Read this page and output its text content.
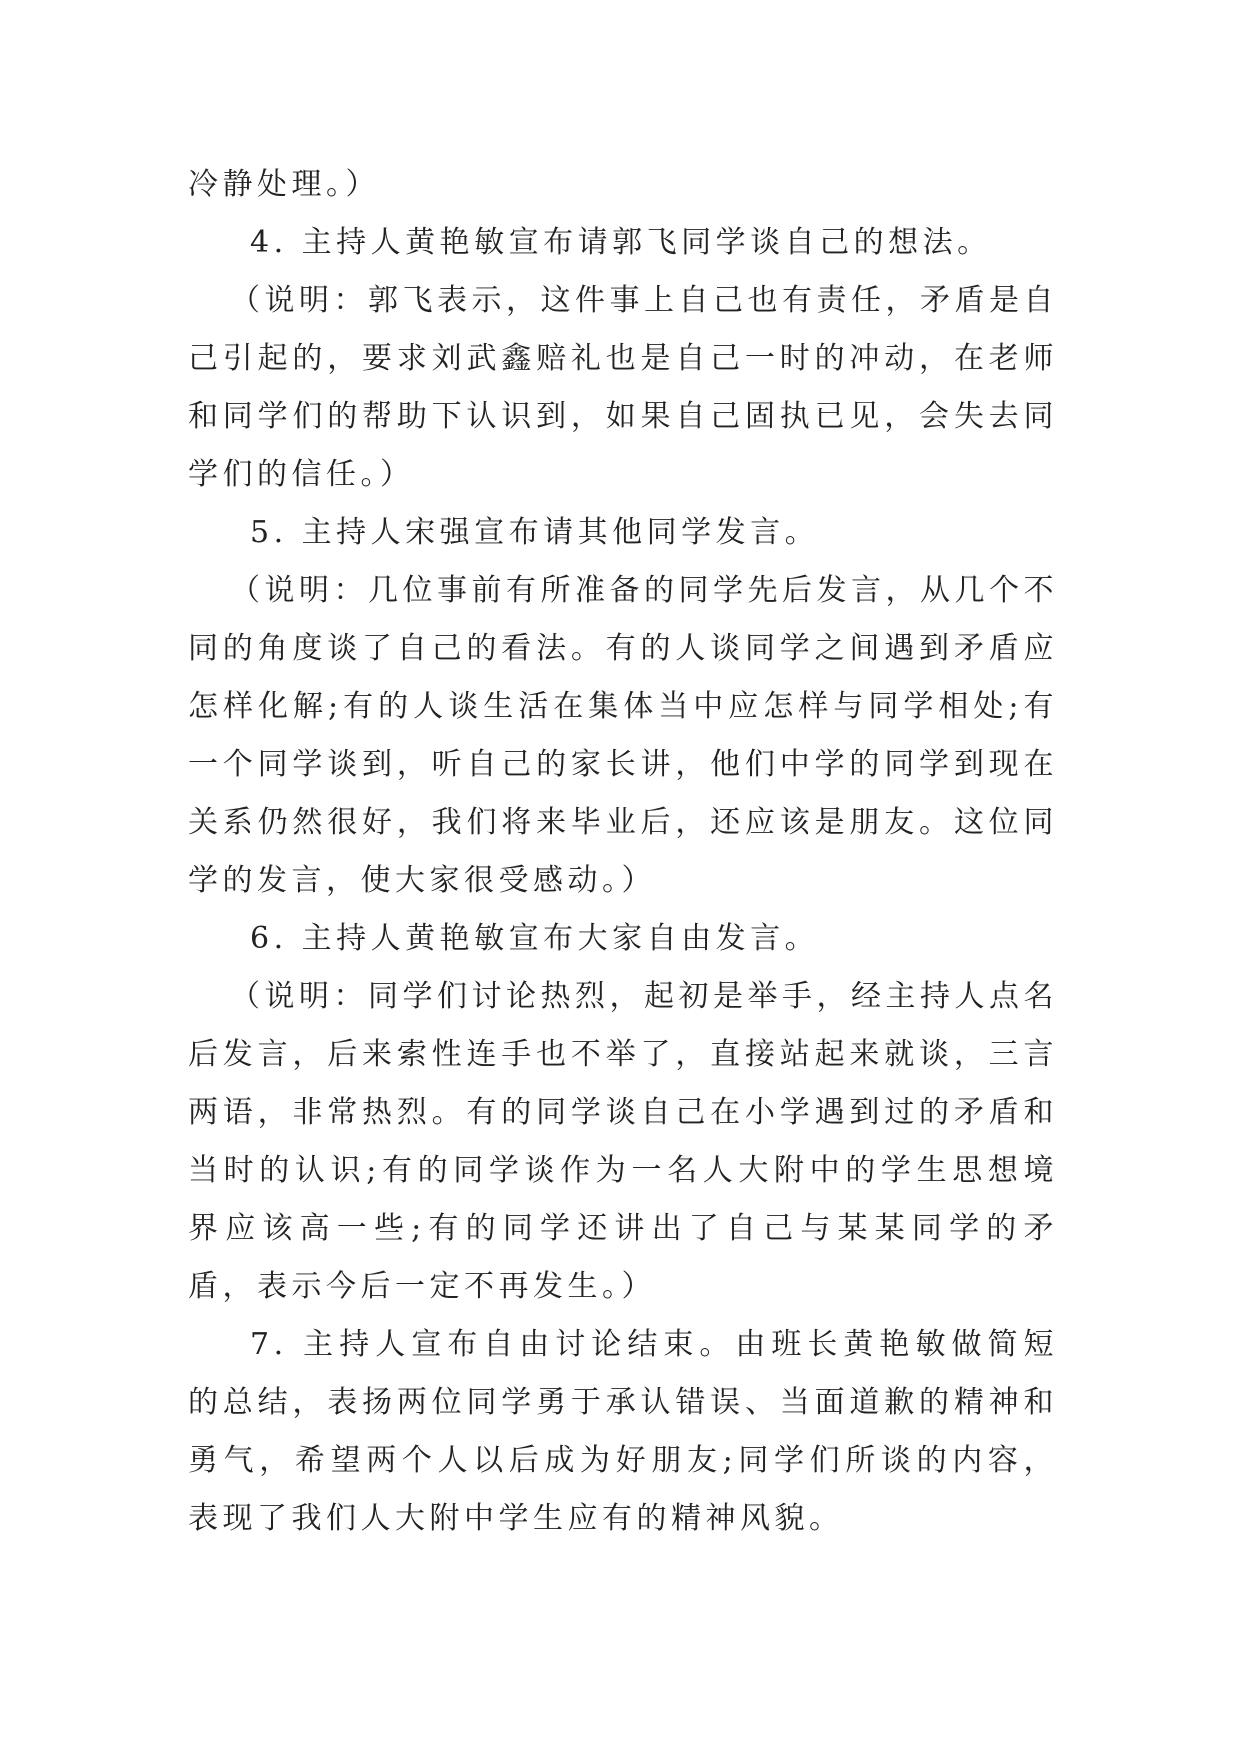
冷静处理。）

4. 主持人黄艳敏宣布请郭飞同学谈自己的想法。

（说明：郭飞表示，这件事上自己也有责任，矛盾是自己引起的，要求刘武鑫赔礼也是自己一时的冲动，在老师和同学们的帮助下认识到，如果自己固执已见，会失去同学们的信任。）

5. 主持人宋强宣布请其他同学发言。

（说明：几位事前有所准备的同学先后发言，从几个不同的角度谈了自己的看法。有的人谈同学之间遇到矛盾应怎样化解;有的人谈生活在集体当中应怎样与同学相处;有一个同学谈到，听自己的家长讲，他们中学的同学到现在关系仍然很好，我们将来毕业后，还应该是朋友。这位同学的发言，使大家很受感动。）

6. 主持人黄艳敏宣布大家自由发言。

（说明：同学们讨论热烈，起初是举手，经主持人点名后发言，后来索性连手也不举了，直接站起来就谈，三言两语，非常热烈。有的同学谈自己在小学遇到过的矛盾和当时的认识;有的同学谈作为一名人大附中的学生思想境界应该高一些;有的同学还讲出了自己与某某同学的矛盾，表示今后一定不再发生。）

7. 主持人宣布自由讨论结束。由班长黄艳敏做简短的总结，表扬两位同学勇于承认错误、当面道歉的精神和勇气，希望两个人以后成为好朋友;同学们所谈的内容，表现了我们人大附中学生应有的精神风貌。
